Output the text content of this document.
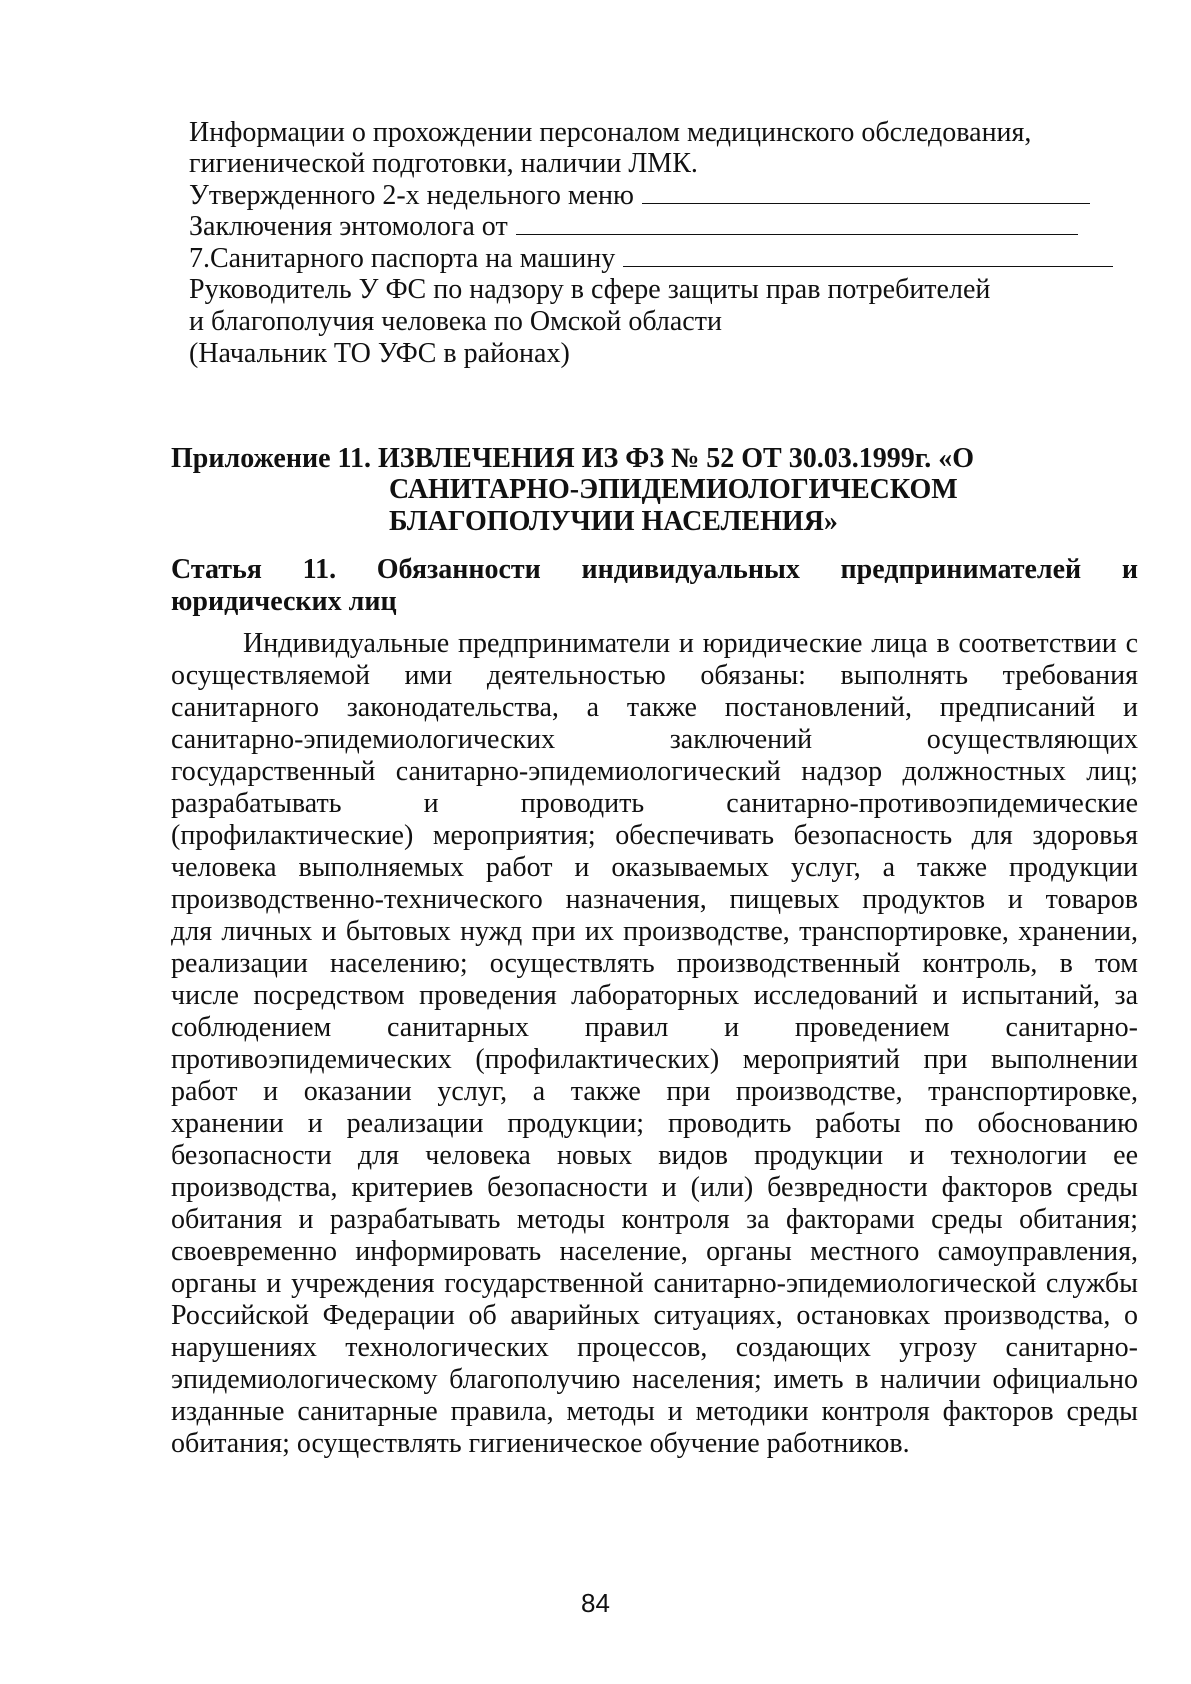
Информации о прохождении персоналом медицинского обследования,
гигиенической подготовки, наличии ЛМК.
Утвержденного 2-х недельного меню
Заключения энтомолога от
7.Санитарного паспорта на машину
Руководитель У ФС по надзору в сфере защиты прав потребителей
и благополучия человека по Омской области
(Начальник ТО УФС в районах)
Приложение 11. ИЗВЛЕЧЕНИЯ ИЗ ФЗ № 52 ОТ 30.03.1999г. «О
САНИТАРНО-ЭПИДЕМИОЛОГИЧЕСКОМ
БЛАГОПОЛУЧИИ НАСЕЛЕНИЯ»
Статья 11. Обязанности индивидуальных предпринимателей и
юридических лиц
Индивидуальные предприниматели и юридические лица в соответствии с
осуществляемой ими деятельностью обязаны: выполнять требования
санитарного законодательства, а также постановлений, предписаний и
санитарно-эпидемиологических заключений осуществляющих
государственный санитарно-эпидемиологический надзор должностных лиц;
разрабатывать и проводить санитарно-противоэпидемические
(профилактические) мероприятия; обеспечивать безопасность для здоровья
человека выполняемых работ и оказываемых услуг, а также продукции
производственно-технического назначения, пищевых продуктов и товаров
для личных и бытовых нужд при их производстве, транспортировке, хранении,
реализации населению; осуществлять производственный контроль, в том
числе посредством проведения лабораторных исследований и испытаний, за
соблюдением санитарных правил и проведением санитарно-
противоэпидемических (профилактических) мероприятий при выполнении
работ и оказании услуг, а также при производстве, транспортировке,
хранении и реализации продукции; проводить работы по обоснованию
безопасности для человека новых видов продукции и технологии ее
производства, критериев безопасности и (или) безвредности факторов среды
обитания и разрабатывать методы контроля за факторами среды обитания;
своевременно информировать население, органы местного самоуправления,
органы и учреждения государственной санитарно-эпидемиологической службы
Российской Федерации об аварийных ситуациях, остановках производства, о
нарушениях технологических процессов, создающих угрозу санитарно-
эпидемиологическому благополучию населения; иметь в наличии официально
изданные санитарные правила, методы и методики контроля факторов среды
обитания; осуществлять гигиеническое обучение работников.
84
